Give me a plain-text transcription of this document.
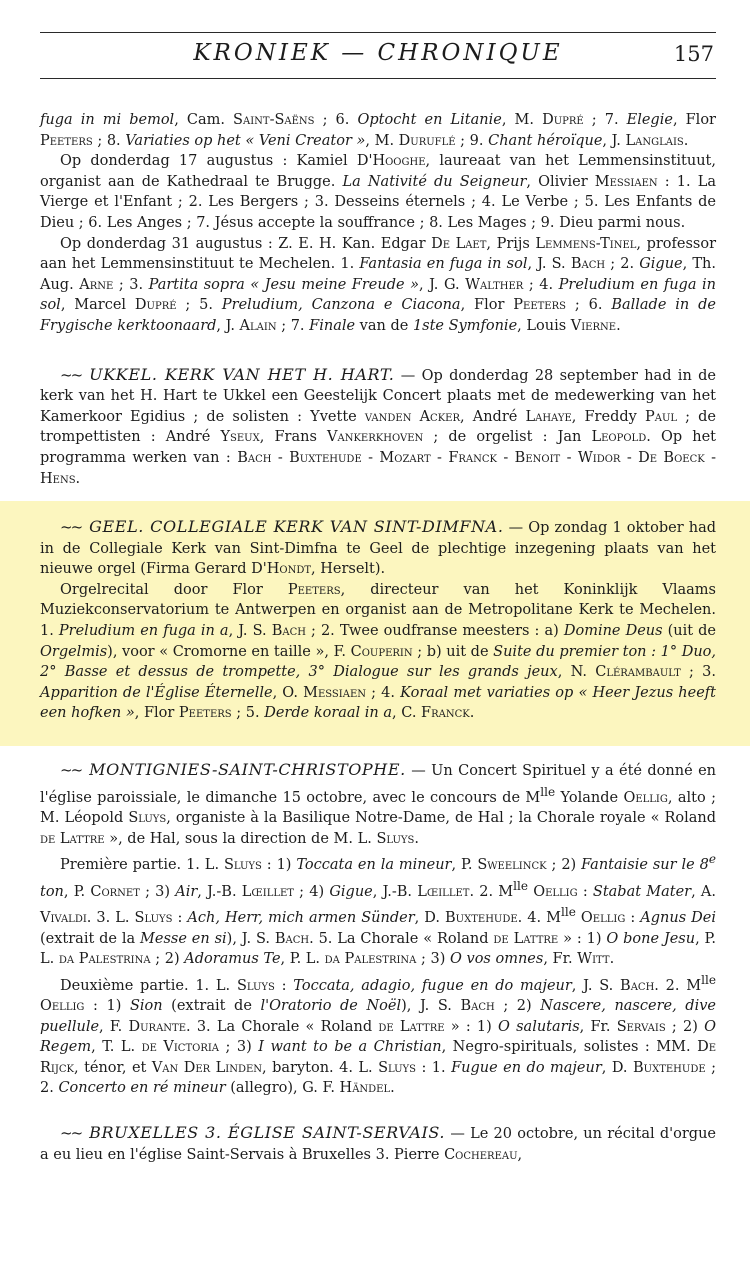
KRONIEK — CHRONIQUE	157

fuga in mi bemol, Cam. Saint-Saëns ; 6. Optocht en Litanie, M. Dupré ; 7. Elegie, Flor Peeters ; 8. Variaties op het « Veni Creator », M. Duruflé ; 9. Chant héroïque, J. Langlais.

Op donderdag 17 augustus : Kamiel D'Hooghe, laureaat van het Lemmensinstituut, organist aan de Kathedraal te Brugge. La Nativité du Seigneur, Olivier Messiaen : 1. La Vierge et l'Enfant ; 2. Les Bergers ; 3. Desseins éternels ; 4. Le Verbe ; 5. Les Enfants de Dieu ; 6. Les Anges ; 7. Jésus accepte la souffrance ; 8. Les Mages ; 9. Dieu parmi nous.

Op donderdag 31 augustus : Z. E. H. Kan. Edgar De Laet, Prijs Lemmens-Tinel, professor aan het Lemmensinstituut te Mechelen. 1. Fantasia en fuga in sol, J. S. Bach ; 2. Gigue, Th. Aug. Arne ; 3. Partita sopra « Jesu meine Freude », J. G. Walther ; 4. Preludium en fuga in sol, Marcel Dupré ; 5. Preludium, Canzona e Ciacona, Flor Peeters ; 6. Ballade in de Frygische kerktoonaard, J. Alain ; 7. Finale van de 1ste Symfonie, Louis Vierne.

~~ UKKEL. KERK VAN HET H. HART. — Op donderdag 28 september had in de kerk van het H. Hart te Ukkel een Geestelijk Concert plaats met de medewerking van het Kamerkoor Egidius ; de solisten : Yvette vanden Acker, André Lahaye, Freddy Paul ; de trompettisten : André Yseux, Frans Vankerkhoven ; de orgelist : Jan Leopold. Op het programma werken van : Bach - Buxtehude - Mozart - Franck - Benoit - Widor - De Boeck - Hens.

~~ GEEL. COLLEGIALE KERK VAN SINT-DIMFNA. — Op zondag 1 oktober had in de Collegiale Kerk van Sint-Dimfna te Geel de plechtige inzegening plaats van het nieuwe orgel (Firma Gerard D'Hondt, Herselt).

Orgelrecital door Flor Peeters, directeur van het Koninklijk Vlaams Muziekconservatorium te Antwerpen en organist aan de Metropolitane Kerk te Mechelen. 1. Preludium en fuga in a, J. S. Bach ; 2. Twee oudfranse meesters : a) Domine Deus (uit de Orgelmis), voor « Cromorne en taille », F. Couperin ; b) uit de Suite du premier ton : 1° Duo, 2° Basse et dessus de trompette, 3° Dialogue sur les grands jeux, N. Clérambault ; 3. Apparition de l'Église Éternelle, O. Messiaen ; 4. Koraal met variaties op « Heer Jezus heeft een hofken », Flor Peeters ; 5. Derde koraal in a, C. Franck.

~~ MONTIGNIES-SAINT-CHRISTOPHE. — Un Concert Spirituel y a été donné en l'église paroissiale, le dimanche 15 octobre, avec le concours de $M^{lle}$ Yolande Oellig, alto ; M. Léopold Sluys, organiste à la Basilique Notre-Dame, de Hal ; la Chorale royale « Roland de Lattre », de Hal, sous la direction de M. L. Sluys.

Première partie. 1. L. Sluys : 1) Toccata en la mineur, P. Sweelinck ; 2) Fantaisie sur le 8e ton, P. Cornet ; 3) Air, J.-B. Lœillet ; 4) Gigue, J.-B. Lœillet. 2. $M^{lle}$ Oellig : Stabat Mater, A. Vivaldi. 3. L. Sluys : Ach, Herr, mich armen Sünder, D. Buxtehude. 4. $M^{lle}$ Oellig : Agnus Dei (extrait de la Messe en si), J. S. Bach. 5. La Chorale « Roland de Lattre » : 1) O bone Jesu, P. L. da Palestrina ; 2) Adoramus Te, P. L. da Palestrina ; 3) O vos omnes, Fr. Witt.

Deuxième partie. 1. L. Sluys : Toccata, adagio, fugue en do majeur, J. S. Bach. 2. $M^{lle}$ Oellig : 1) Sion (extrait de l'Oratorio de Noël), J. S. Bach ; 2) Nascere, nascere, dive puellule, F. Durante. 3. La Chorale « Roland de Lattre » : 1) O salutaris, Fr. Servais ; 2) O Regem, T. L. de Victoria ; 3) I want to be a Christian, Negro-spirituals, solistes : MM. De Rijck, ténor, et Van Der Linden, baryton. 4. L. Sluys : 1. Fugue en do majeur, D. Buxtehude ; 2. Concerto en ré mineur (allegro), G. F. Händel.

~~ BRUXELLES 3. ÉGLISE SAINT-SERVAIS. — Le 20 octobre, un récital d'orgue a eu lieu en l'église Saint-Servais à Bruxelles 3. Pierre Cochereau,
